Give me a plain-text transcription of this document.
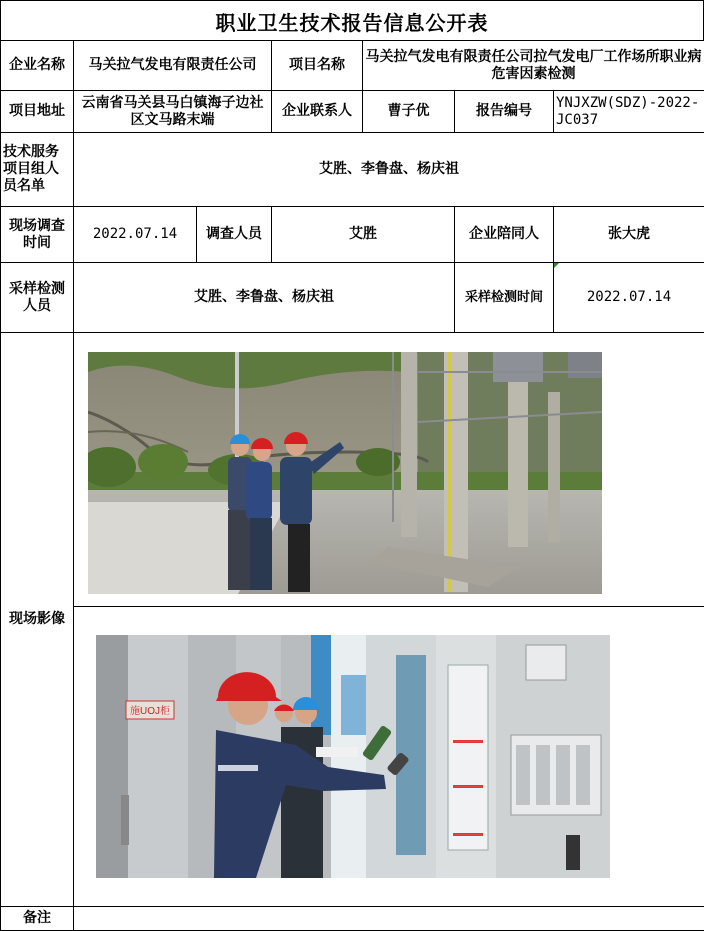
职业卫生技术报告信息公开表
企业名称	马关拉气发电有限责任公司		项目名称	马关拉气发电有限责任公司拉气发电厂工作场所职业病危害因素检测		
项目地址	云南省马关县马白镇海子边社区文马路末端		企业联系人	曹子优	报告编号	YNJXZW(SDZ)-2022-JC037
技术服务项目组人员名单	艾胜、李鲁盘、杨庆祖					
现场调查时间	2022.07.14	调查人员	艾胜		企业陪同人	张大虎
采样检测人员	艾胜、李鲁盘、杨庆祖				采样检测时间	2022.07.14

现场影像	

施UOJ柜					

备注						
